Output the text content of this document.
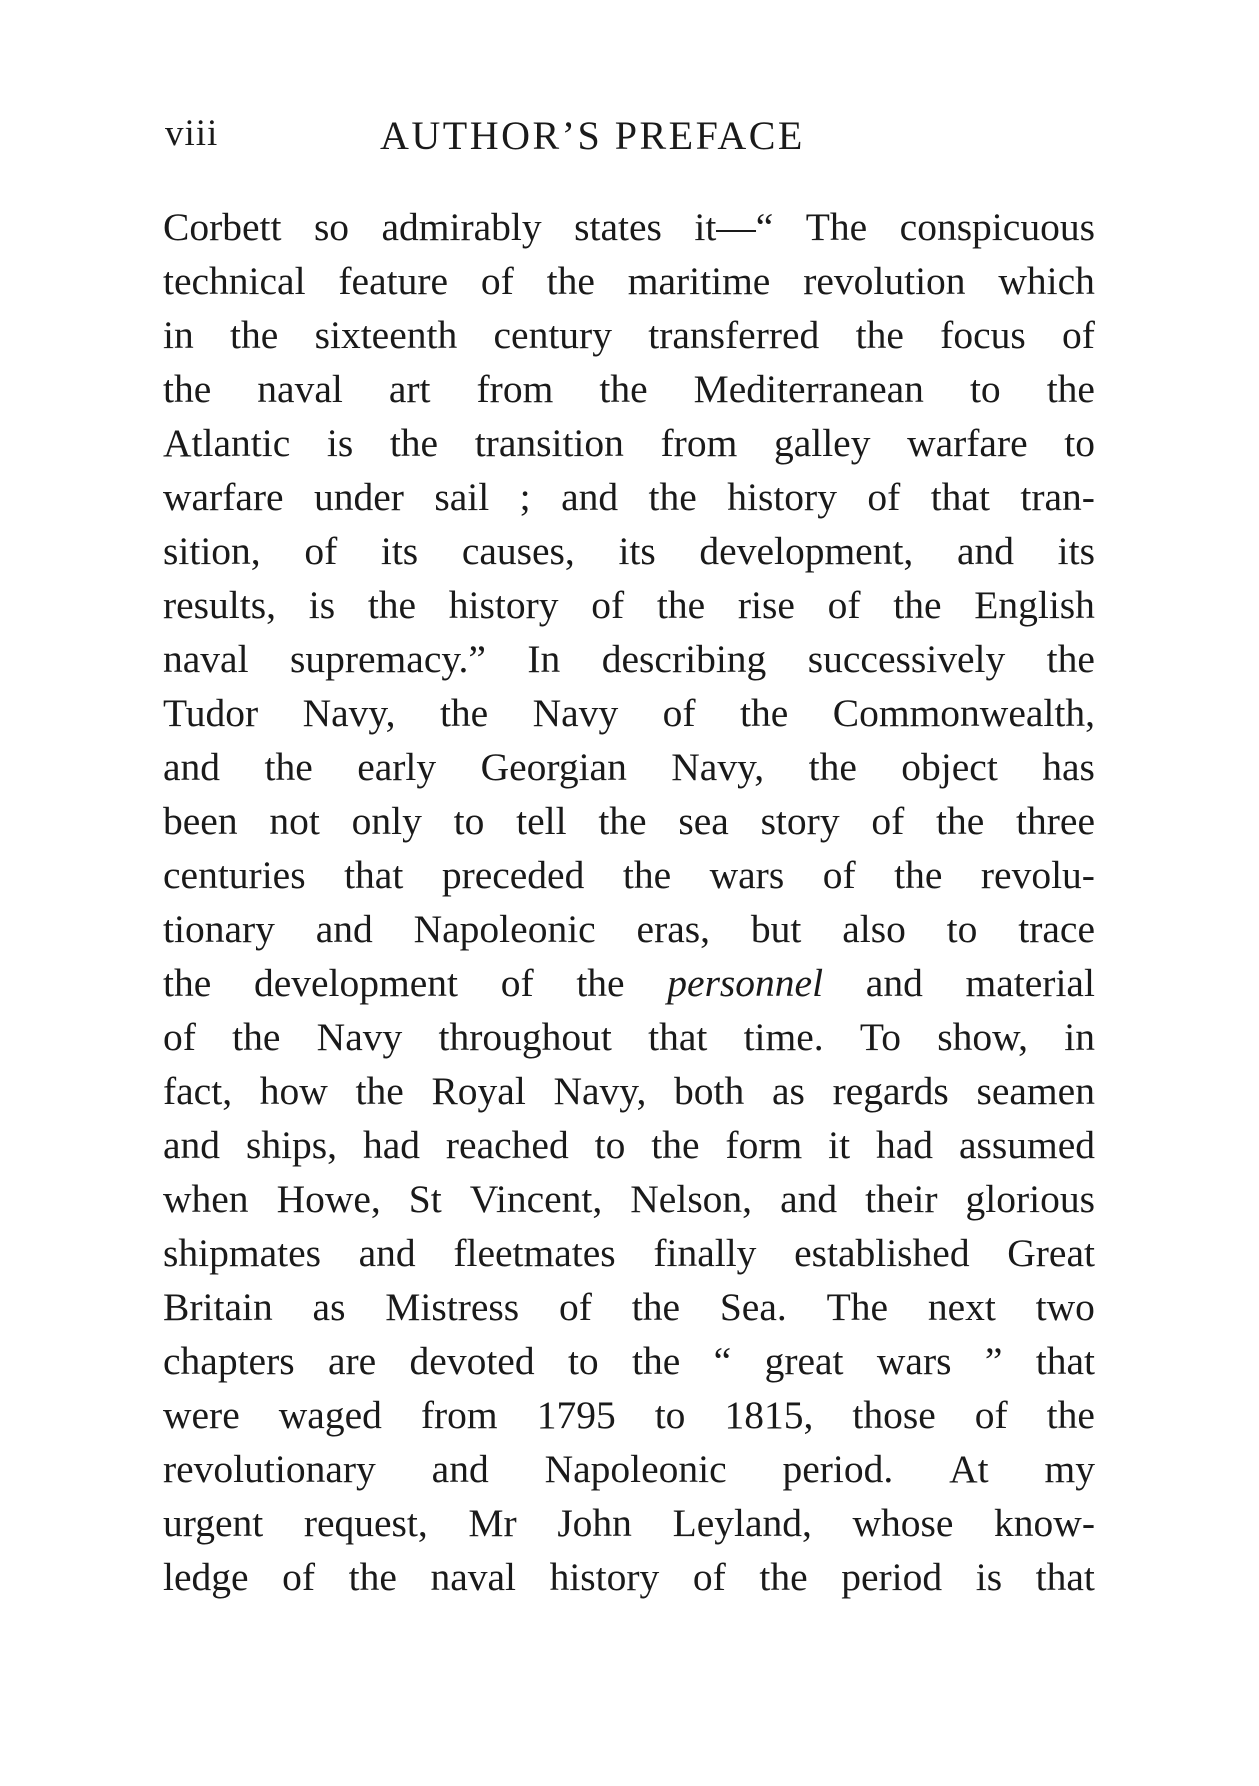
viii	AUTHOR’S PREFACE
Corbett so admirably states it—“ The conspicuous
technical feature of the maritime revolution which
in the sixteenth century transferred the focus of
the naval art from the Mediterranean to the
Atlantic is the transition from galley warfare to
warfare under sail ; and the history of that tran-
sition, of its causes, its development, and its
results, is the history of the rise of the English
naval supremacy.” In describing successively the
Tudor Navy, the Navy of the Commonwealth,
and the early Georgian Navy, the object has
been not only to tell the sea story of the three
centuries that preceded the wars of the revolu-
tionary and Napoleonic eras, but also to trace
the development of the personnel and material
of the Navy throughout that time. To show, in
fact, how the Royal Navy, both as regards seamen
and ships, had reached to the form it had assumed
when Howe, St Vincent, Nelson, and their glorious
shipmates and fleetmates finally established Great
Britain as Mistress of the Sea. The next two
chapters are devoted to the “ great wars ” that
were waged from 1795 to 1815, those of the
revolutionary and Napoleonic period. At my
urgent request, Mr John Leyland, whose know-
ledge of the naval history of the period is that
